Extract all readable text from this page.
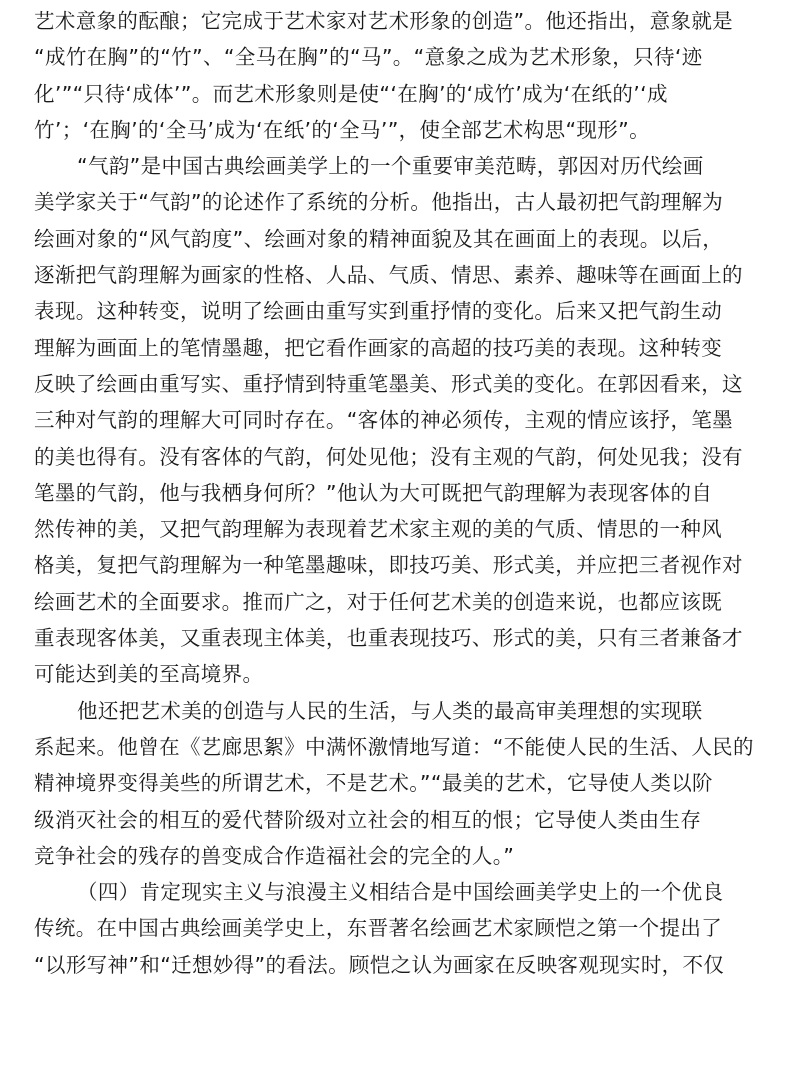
艺术意象的酝酿；它完成于艺术家对艺术形象的创造”。他还指出，意象就是
“成竹在胸”的“竹”、“全马在胸”的“马”。“意象之成为艺术形象，只待‘迹
化’”“只待‘成体’”。而艺术形象则是使“‘在胸’的‘成竹’成为‘在纸的’‘成
竹’；‘在胸’的‘全马’成为‘在纸’的‘全马’”，使全部艺术构思“现形”。
“气韵”是中国古典绘画美学上的一个重要审美范畴，郭因对历代绘画
美学家关于“气韵”的论述作了系统的分析。他指出，古人最初把气韵理解为
绘画对象的“风气韵度”、绘画对象的精神面貌及其在画面上的表现。以后，
逐渐把气韵理解为画家的性格、人品、气质、情思、素养、趣味等在画面上的
表现。这种转变，说明了绘画由重写实到重抒情的变化。后来又把气韵生动
理解为画面上的笔情墨趣，把它看作画家的高超的技巧美的表现。这种转变
反映了绘画由重写实、重抒情到特重笔墨美、形式美的变化。在郭因看来，这
三种对气韵的理解大可同时存在。“客体的神必须传，主观的情应该抒，笔墨
的美也得有。没有客体的气韵，何处见他；没有主观的气韵，何处见我；没有
笔墨的气韵，他与我栖身何所？”他认为大可既把气韵理解为表现客体的自
然传神的美，又把气韵理解为表现着艺术家主观的美的气质、情思的一种风
格美，复把气韵理解为一种笔墨趣味，即技巧美、形式美，并应把三者视作对
绘画艺术的全面要求。推而广之，对于任何艺术美的创造来说，也都应该既
重表现客体美，又重表现主体美，也重表现技巧、形式的美，只有三者兼备才
可能达到美的至高境界。
他还把艺术美的创造与人民的生活，与人类的最高审美理想的实现联
系起来。他曾在《艺廊思絮》中满怀激情地写道：“不能使人民的生活、人民的
精神境界变得美些的所谓艺术，不是艺术。”“最美的艺术，它导使人类以阶
级消灭社会的相互的爱代替阶级对立社会的相互的恨；它导使人类由生存
竞争社会的残存的兽变成合作造福社会的完全的人。”
（四）肯定现实主义与浪漫主义相结合是中国绘画美学史上的一个优良
传统。在中国古典绘画美学史上，东晋著名绘画艺术家顾恺之第一个提出了
“以形写神”和“迁想妙得”的看法。顾恺之认为画家在反映客观现实时，不仅
